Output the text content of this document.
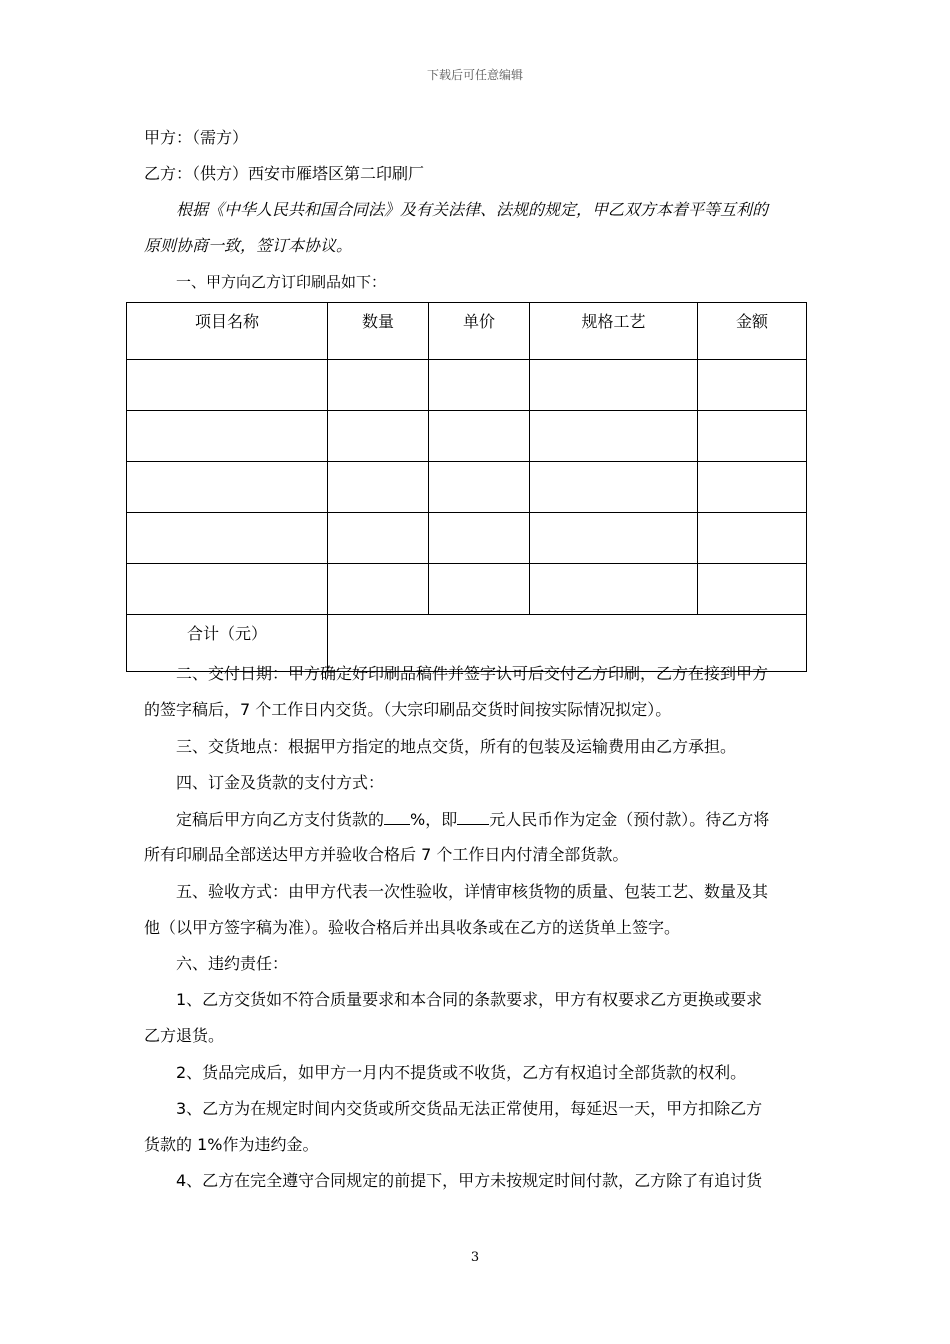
下载后可任意编辑
甲方：（需方）
乙方：（供方）西安市雁塔区第二印刷厂
根据《中华人民共和国合同法》及有关法律、法规的规定，甲乙双方本着平等互利的
原则协商一致，签订本协议。
一、甲方向乙方订印刷品如下：
项目名称	数量	单价	规格工艺	金额

合计（元）				
二、交付日期：甲方确定好印刷品稿件并签字认可后交付乙方印刷，乙方在接到甲方
的签字稿后，7 个工作日内交货。（大宗印刷品交货时间按实际情况拟定）。
三、交货地点：根据甲方指定的地点交货，所有的包装及运输费用由乙方承担。
四、订金及货款的支付方式：
定稿后甲方向乙方支付货款的 %，即 元人民币作为定金（预付款）。待乙方将
所有印刷品全部送达甲方并验收合格后 7 个工作日内付清全部货款。
五、验收方式：由甲方代表一次性验收，详情审核货物的质量、包装工艺、数量及其
他（以甲方签字稿为准）。验收合格后并出具收条或在乙方的送货单上签字。
六、违约责任：
1、乙方交货如不符合质量要求和本合同的条款要求，甲方有权要求乙方更换或要求
乙方退货。
2、货品完成后，如甲方一月内不提货或不收货，乙方有权追讨全部货款的权利。
3、乙方为在规定时间内交货或所交货品无法正常使用，每延迟一天，甲方扣除乙方
货款的 1%作为违约金。
4、乙方在完全遵守合同规定的前提下，甲方未按规定时间付款，乙方除了有追讨货
3
